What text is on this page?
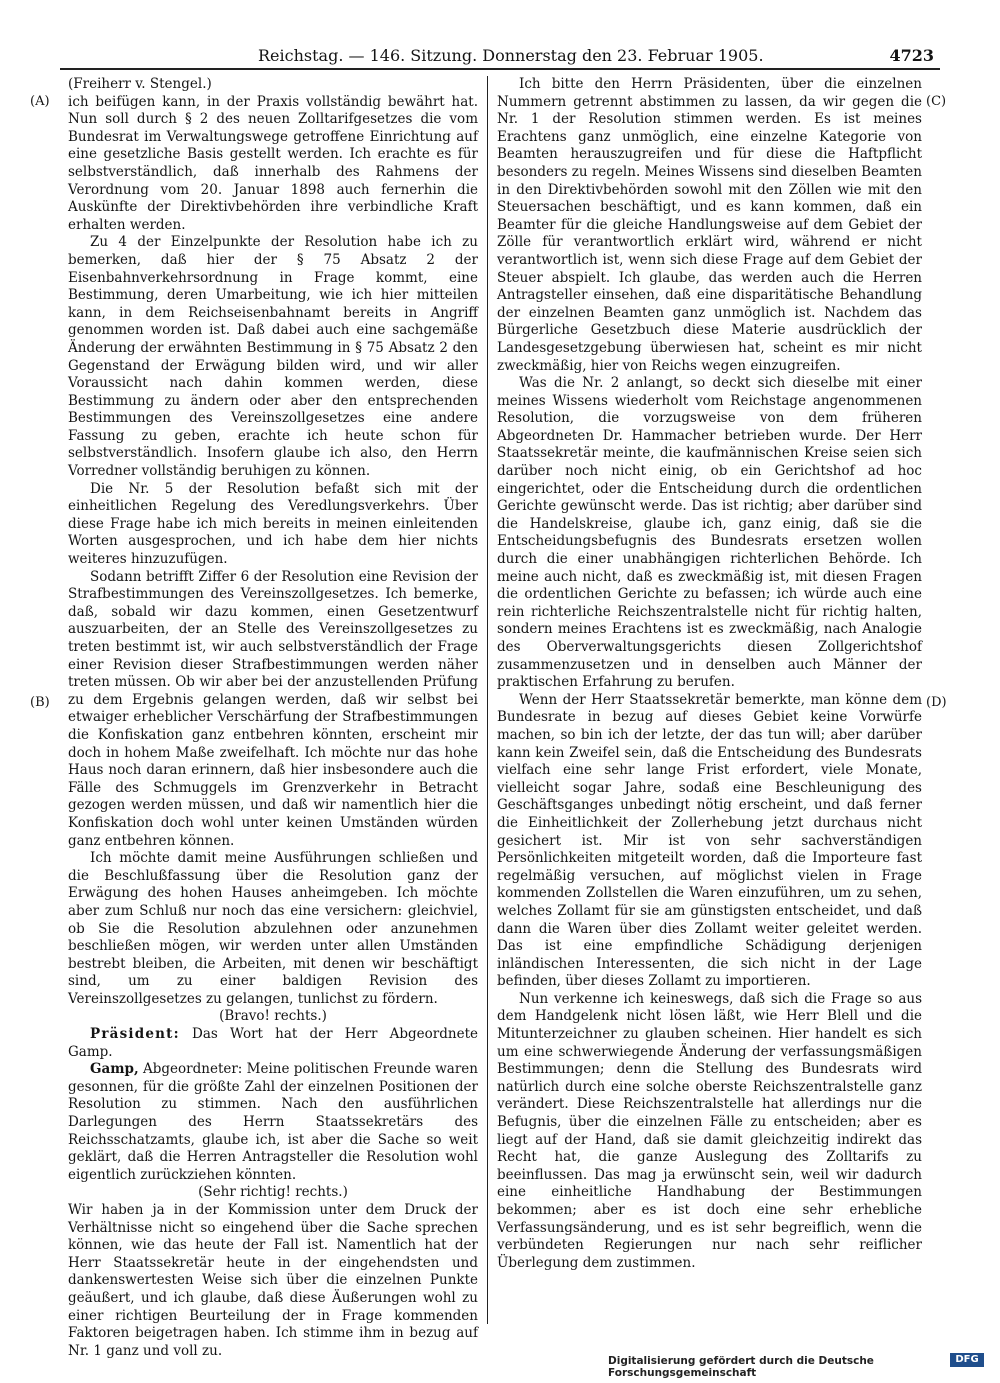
Reichstag. — 146. Sitzung. Donnerstag den 23. Februar 1905.	4723
(A)
(B)
(C)
(D)

(Freiherr v. Stengel.)

ich beifügen kann, in der Praxis vollständig bewährt hat. Nun soll durch § 2 des neuen Zolltarifgesetzes die vom Bundesrat im Verwaltungswege getroffene Einrichtung auf eine gesetzliche Basis gestellt werden. Ich erachte es für selbstverständlich, daß innerhalb des Rahmens der Verordnung vom 20. Januar 1898 auch fernerhin die Auskünfte der Direktivbehörden ihre verbindliche Kraft erhalten werden.

Zu 4 der Einzelpunkte der Resolution habe ich zu bemerken, daß hier der § 75 Absatz 2 der Eisenbahnverkehrsordnung in Frage kommt, eine Bestimmung, deren Umarbeitung, wie ich hier mitteilen kann, in dem Reichseisenbahnamt bereits in Angriff genommen worden ist. Daß dabei auch eine sachgemäße Änderung der erwähnten Bestimmung in § 75 Absatz 2 den Gegenstand der Erwägung bilden wird, und wir aller Voraussicht nach dahin kommen werden, diese Bestimmung zu ändern oder aber den entsprechenden Bestimmungen des Vereinszollgesetzes eine andere Fassung zu geben, erachte ich heute schon für selbstverständlich. Insofern glaube ich also, den Herrn Vorredner vollständig beruhigen zu können.

Die Nr. 5 der Resolution befaßt sich mit der einheitlichen Regelung des Veredlungsverkehrs. Über diese Frage habe ich mich bereits in meinen einleitenden Worten ausgesprochen, und ich habe dem hier nichts weiteres hinzuzufügen.

Sodann betrifft Ziffer 6 der Resolution eine Revision der Strafbestimmungen des Vereinszollgesetzes. Ich bemerke, daß, sobald wir dazu kommen, einen Gesetzentwurf auszuarbeiten, der an Stelle des Vereinszollgesetzes zu treten bestimmt ist, wir auch selbstverständlich der Frage einer Revision dieser Strafbestimmungen werden näher treten müssen. Ob wir aber bei der anzustellenden Prüfung zu dem Ergebnis gelangen werden, daß wir selbst bei etwaiger erheblicher Verschärfung der Strafbestimmungen die Konfiskation ganz entbehren könnten, erscheint mir doch in hohem Maße zweifelhaft. Ich möchte nur das hohe Haus noch daran erinnern, daß hier insbesondere auch die Fälle des Schmuggels im Grenzverkehr in Betracht gezogen werden müssen, und daß wir namentlich hier die Konfiskation doch wohl unter keinen Umständen würden ganz entbehren können.

Ich möchte damit meine Ausführungen schließen und die Beschlußfassung über die Resolution ganz der Erwägung des hohen Hauses anheimgeben. Ich möchte aber zum Schluß nur noch das eine versichern: gleichviel, ob Sie die Resolution abzulehnen oder anzunehmen beschließen mögen, wir werden unter allen Umständen bestrebt bleiben, die Arbeiten, mit denen wir beschäftigt sind, um zu einer baldigen Revision des Vereinszollgesetzes zu gelangen, tunlichst zu fördern.

(Bravo! rechts.)

Präsident: Das Wort hat der Herr Abgeordnete Gamp.

Gamp, Abgeordneter: Meine politischen Freunde waren gesonnen, für die größte Zahl der einzelnen Positionen der Resolution zu stimmen. Nach den ausführlichen Darlegungen des Herrn Staatssekretärs des Reichsschatzamts, glaube ich, ist aber die Sache so weit geklärt, daß die Herren Antragsteller die Resolution wohl eigentlich zurückziehen könnten.

(Sehr richtig! rechts.)

Wir haben ja in der Kommission unter dem Druck der Verhältnisse nicht so eingehend über die Sache sprechen können, wie das heute der Fall ist. Namentlich hat der Herr Staatssekretär heute in der eingehendsten und dankenswertesten Weise sich über die einzelnen Punkte geäußert, und ich glaube, daß diese Äußerungen wohl zu einer richtigen Beurteilung der in Frage kommenden Faktoren beigetragen haben. Ich stimme ihm in bezug auf Nr. 1 ganz und voll zu.

Ich bitte den Herrn Präsidenten, über die einzelnen Nummern getrennt abstimmen zu lassen, da wir gegen die Nr. 1 der Resolution stimmen werden. Es ist meines Erachtens ganz unmöglich, eine einzelne Kategorie von Beamten herauszugreifen und für diese die Haftpflicht besonders zu regeln. Meines Wissens sind dieselben Beamten in den Direktivbehörden sowohl mit den Zöllen wie mit den Steuersachen beschäftigt, und es kann kommen, daß ein Beamter für die gleiche Handlungsweise auf dem Gebiet der Zölle für verantwortlich erklärt wird, während er nicht verantwortlich ist, wenn sich diese Frage auf dem Gebiet der Steuer abspielt. Ich glaube, das werden auch die Herren Antragsteller einsehen, daß eine disparitätische Behandlung der einzelnen Beamten ganz unmöglich ist. Nachdem das Bürgerliche Gesetzbuch diese Materie ausdrücklich der Landesgesetzgebung überwiesen hat, scheint es mir nicht zweckmäßig, hier von Reichs wegen einzugreifen.

Was die Nr. 2 anlangt, so deckt sich dieselbe mit einer meines Wissens wiederholt vom Reichstage angenommenen Resolution, die vorzugsweise von dem früheren Abgeordneten Dr. Hammacher betrieben wurde. Der Herr Staatssekretär meinte, die kaufmännischen Kreise seien sich darüber noch nicht einig, ob ein Gerichtshof ad hoc eingerichtet, oder die Entscheidung durch die ordentlichen Gerichte gewünscht werde. Das ist richtig; aber darüber sind die Handelskreise, glaube ich, ganz einig, daß sie die Entscheidungsbefugnis des Bundesrats ersetzen wollen durch die einer unabhängigen richterlichen Behörde. Ich meine auch nicht, daß es zweckmäßig ist, mit diesen Fragen die ordentlichen Gerichte zu befassen; ich würde auch eine rein richterliche Reichszentralstelle nicht für richtig halten, sondern meines Erachtens ist es zweckmäßig, nach Analogie des Oberverwaltungsgerichts diesen Zollgerichtshof zusammenzusetzen und in denselben auch Männer der praktischen Erfahrung zu berufen.

Wenn der Herr Staatssekretär bemerkte, man könne dem Bundesrate in bezug auf dieses Gebiet keine Vorwürfe machen, so bin ich der letzte, der das tun will; aber darüber kann kein Zweifel sein, daß die Entscheidung des Bundesrats vielfach eine sehr lange Frist erfordert, viele Monate, vielleicht sogar Jahre, sodaß eine Beschleunigung des Geschäftsganges unbedingt nötig erscheint, und daß ferner die Einheitlichkeit der Zollerhebung jetzt durchaus nicht gesichert ist. Mir ist von sehr sachverständigen Persönlichkeiten mitgeteilt worden, daß die Importeure fast regelmäßig versuchen, auf möglichst vielen in Frage kommenden Zollstellen die Waren einzuführen, um zu sehen, welches Zollamt für sie am günstigsten entscheidet, und daß dann die Waren über dies Zollamt weiter geleitet werden. Das ist eine empfindliche Schädigung derjenigen inländischen Interessenten, die sich nicht in der Lage befinden, über dieses Zollamt zu importieren.

Nun verkenne ich keineswegs, daß sich die Frage so aus dem Handgelenk nicht lösen läßt, wie Herr Blell und die Mitunterzeichner zu glauben scheinen. Hier handelt es sich um eine schwerwiegende Änderung der verfassungsmäßigen Bestimmungen; denn die Stellung des Bundesrats wird natürlich durch eine solche oberste Reichszentralstelle ganz verändert. Diese Reichszentralstelle hat allerdings nur die Befugnis, über die einzelnen Fälle zu entscheiden; aber es liegt auf der Hand, daß sie damit gleichzeitig indirekt das Recht hat, die ganze Auslegung des Zolltarifs zu beeinflussen. Das mag ja erwünscht sein, weil wir dadurch eine einheitliche Handhabung der Bestimmungen bekommen; aber es ist doch eine sehr erhebliche Verfassungsänderung, und es ist sehr begreiflich, wenn die verbündeten Regierungen nur nach sehr reiflicher Überlegung dem zustimmen.

Digitalisierung gefördert durch die Deutsche Forschungsgemeinschaft
DFG
